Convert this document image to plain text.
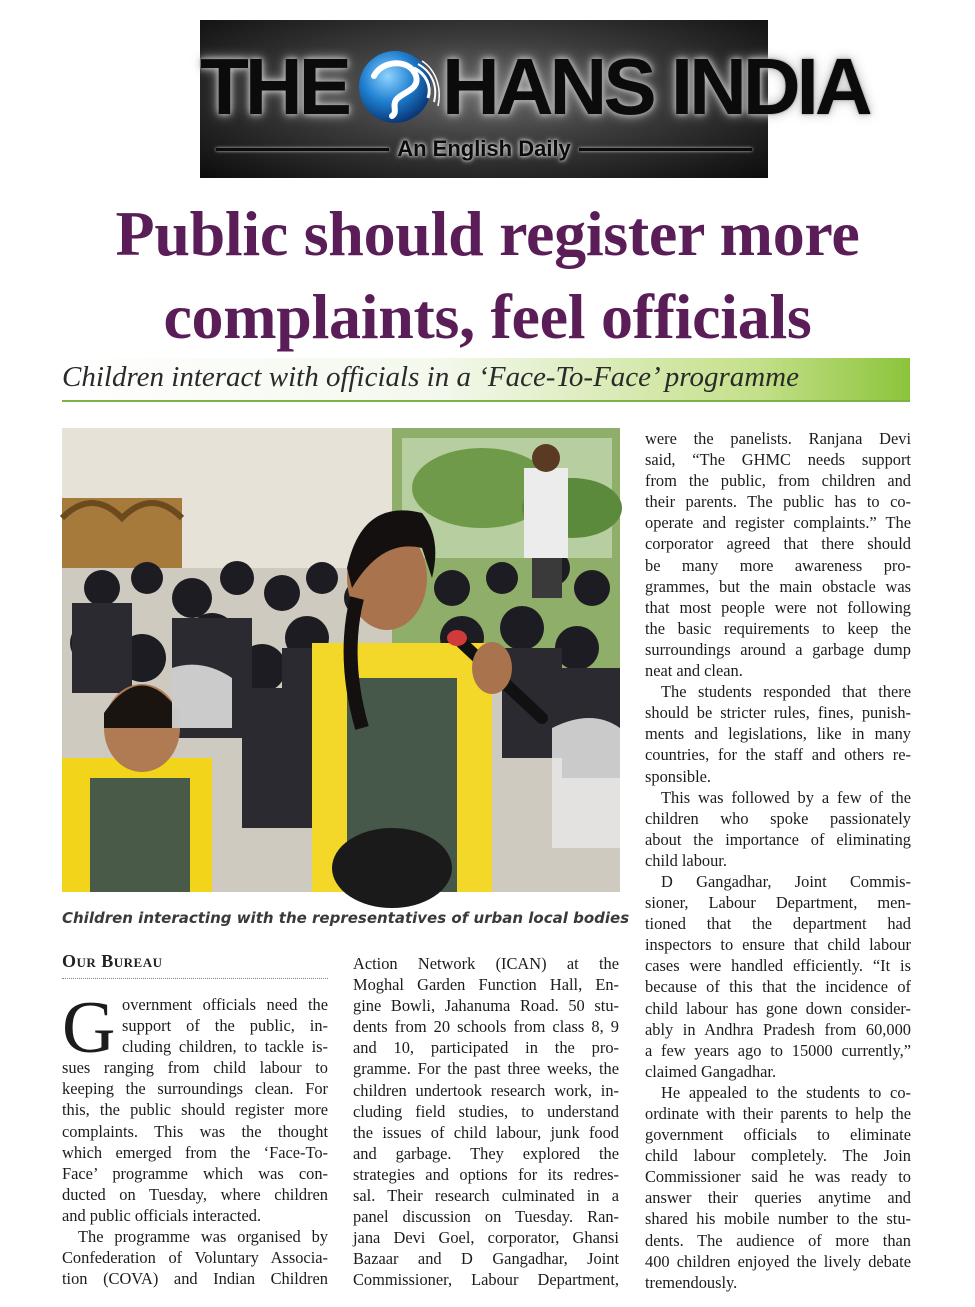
THE HANS INDIA
An English Daily
Public should register more
complaints, feel officials
Children interact with officials in a ‘Face-To-Face’ programme
Children interacting with the representatives of urban local bodies
Our Bureau
G overnment officials need the
support of the public, in-
cluding children, to tackle is-
sues ranging from child labour to
keeping the surroundings clean. For
this, the public should register more
complaints. This was the thought
which emerged from the ‘Face-To-
Face’ programme which was con-
ducted on Tuesday, where children
and public officials interacted.
The programme was organised by
Confederation of Voluntary Associa-
tion (COVA) and Indian Children
Action Network (ICAN) at the
Moghal Garden Function Hall, En-
gine Bowli, Jahanuma Road. 50 stu-
dents from 20 schools from class 8, 9
and 10, participated in the pro-
gramme. For the past three weeks, the
children undertook research work, in-
cluding field studies, to understand
the issues of child labour, junk food
and garbage. They explored the
strategies and options for its redres-
sal. Their research culminated in a
panel discussion on Tuesday. Ran-
jana Devi Goel, corporator, Ghansi
Bazaar and D Gangadhar, Joint
Commissioner, Labour Department,
were the panelists. Ranjana Devi
said, “The GHMC needs support
from the public, from children and
their parents. The public has to co-
operate and register complaints.” The
corporator agreed that there should
be many more awareness pro-
grammes, but the main obstacle was
that most people were not following
the basic requirements to keep the
surroundings around a garbage dump
neat and clean.
The students responded that there
should be stricter rules, fines, punish-
ments and legislations, like in many
countries, for the staff and others re-
sponsible.
This was followed by a few of the
children who spoke passionately
about the importance of eliminating
child labour.
D Gangadhar, Joint Commis-
sioner, Labour Department, men-
tioned that the department had
inspectors to ensure that child labour
cases were handled efficiently. “It is
because of this that the incidence of
child labour has gone down consider-
ably in Andhra Pradesh from 60,000
a few years ago to 15000 currently,”
claimed Gangadhar.
He appealed to the students to co-
ordinate with their parents to help the
government officials to eliminate
child labour completely. The Join
Commissioner said he was ready to
answer their queries anytime and
shared his mobile number to the stu-
dents. The audience of more than
400 children enjoyed the lively debate
tremendously.
